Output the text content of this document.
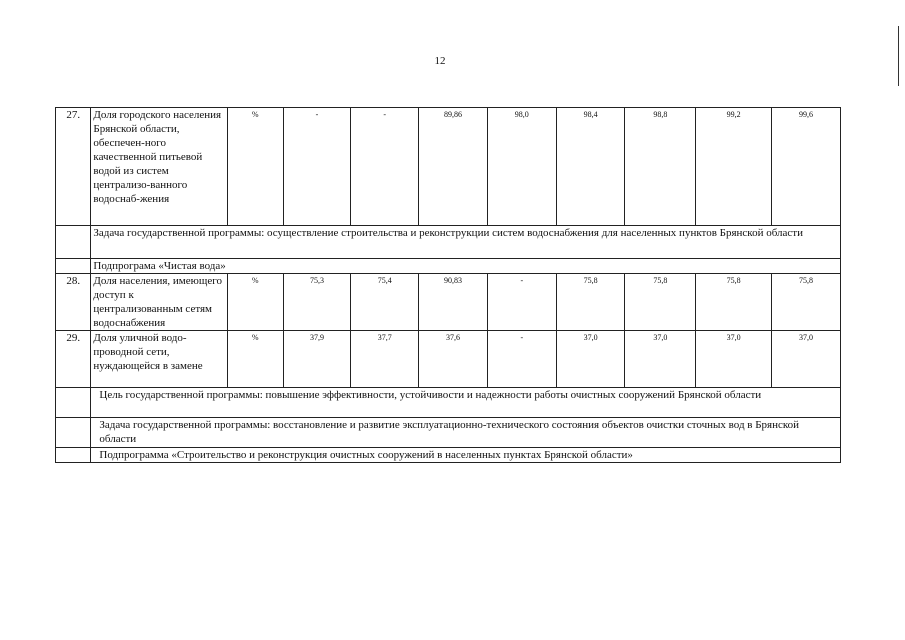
12
27.	Доля городского населения Брянской области, обеспечен-ного качественной питьевой водой из систем централизо-ванного водоснаб-жения	%	-	-	89,86	98,0	98,4	98,8	99,2	99,6
	Задача государственной программы: осуществление строительства и реконструкции систем водоснабжения для населенных пунктов Брянской области									
	Подпрограма «Чистая вода»									
28.	Доля населения, имеющего доступ к централизованным сетям водоснабжения	%	75,3	75,4	90,83	-	75,8	75,8	75,8	75,8
29.	Доля уличной водо-проводной сети, нуждающейся в замене	%	37,9	37,7	37,6	-	37,0	37,0	37,0	37,0
	Цель государственной программы: повышение эффективности, устойчивости и надежности работы очистных сооружений Брянской области									
	Задача государственной программы: восстановление и развитие эксплуатационно-технического состояния объектов очистки сточных вод в Брянской области									
	Подпрограмма «Строительство и реконструкция очистных сооружений в населенных пунктах Брянской области»									
